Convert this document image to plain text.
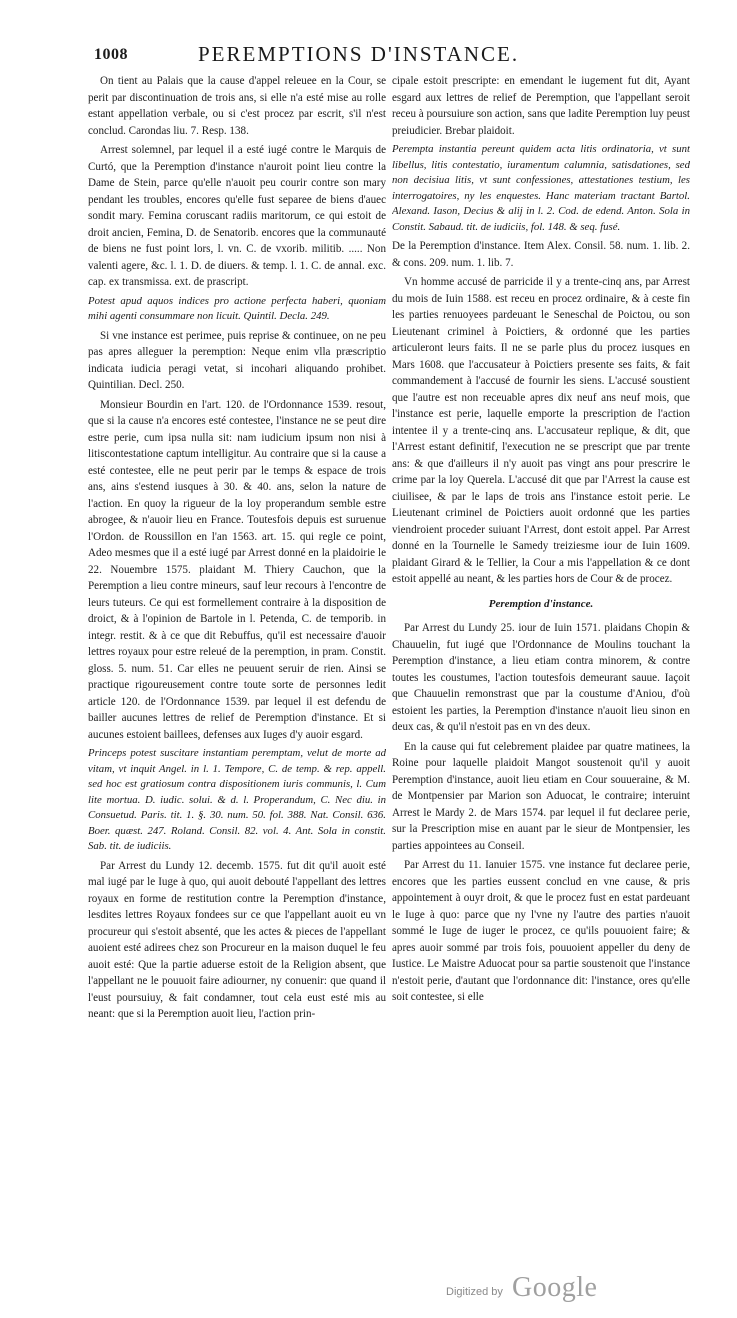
1008	PEREMPTIONS D'INSTANCE.

On tient au Palais que la cause d'appel releuee en la Cour, se perit par discontinuation de trois ans, si elle n'a esté mise au rolle estant appellation verbale, ou si c'est procez par escrit, s'il n'est conclud. Carondas liu. 7. Resp. 138.

Arrest solemnel, par lequel il a esté iugé contre le Marquis de Curtó, que la Peremption d'instance n'auroit point lieu contre la Dame de Stein, parce qu'elle n'auoit peu courir contre son mary pendant les troubles, encores qu'elle fust separee de biens d'auec sondit mary. Femina coruscant radiis maritorum, ce qui estoit de droit ancien, Femina, D. de Senatorib. encores que la communauté de biens ne fust point lors, l. vn. C. de vxorib. militib. ..... Non valenti agere, &c. l. 1. D. de diuers. & temp. l. 1. C. de annal. exc. cap. ex transmissa. ext. de prascript.

Potest apud aquos indices pro actione perfecta haberi, quoniam mihi agenti consummare non licuit. Quintil. Decla. 249.

Si vne instance est perimee, puis reprise & continuee, on ne peu pas apres alleguer la peremption: Neque enim vlla præscriptio indicata iudicia peragi vetat, si incohari aliquando prohibet. Quintilian. Decl. 250.

Monsieur Bourdin en l'art. 120. de l'Ordonnance 1539. resout, que si la cause n'a encores esté contestee, l'instance ne se peut dire estre perie, cum ipsa nulla sit: nam iudicium ipsum non nisi à litiscontestatione captum intelligitur. Au contraire que si la cause a esté contestee, elle ne peut perir par le temps & espace de trois ans, ains s'estend iusques à 30. & 40. ans, selon la nature de l'action. En quoy la rigueur de la loy properandum semble estre abrogee, & n'auoir lieu en France. Toutesfois depuis est suruenue l'Ordon. de Roussillon en l'an 1563. art. 15. qui regle ce point, Adeo mesmes que il a esté iugé par Arrest donné en la plaidoirie le 22. Nouembre 1575. plaidant M. Thiery Cauchon, que la Peremption a lieu contre mineurs, sauf leur recours à l'encontre de leurs tuteurs. Ce qui est formellement contraire à la disposition de droict, & à l'opinion de Bartole in l. Petenda, C. de temporib. in integr. restit. & à ce que dit Rebuffus, qu'il est necessaire d'auoir lettres royaux pour estre releué de la peremption, in pram. Constit. gloss. 5. num. 51. Car elles ne peuuent seruir de rien. Ainsi se practique rigoureusement contre toute sorte de personnes ledit article 120. de l'Ordonnance 1539. par lequel il est defendu de bailler aucunes lettres de relief de Peremption d'instance. Et si aucunes estoient baillees, defenses aux Iuges d'y auoir esgard.

Princeps potest suscitare instantiam peremptam, velut de morte ad vitam, vt inquit Angel. in l. 1. Tempore, C. de temp. & rep. appell. sed hoc est gratiosum contra dispositionem iuris communis, l. Cum lite mortua. D. iudic. solui. & d. l. Properandum, C. Nec diu. in Consuetud. Paris. tit. 1. §. 30. num. 50. fol. 388. Nat. Consil. 636. Boer. quæst. 247. Roland. Consil. 82. vol. 4. Ant. Sola in constit. Sab. tit. de iudiciis.

Par Arrest du Lundy 12. decemb. 1575. fut dit qu'il auoit esté mal iugé par le Iuge à quo, qui auoit debouté l'appellant des lettres royaux en forme de restitution contre la Peremption d'instance, lesdites lettres Royaux fondees sur ce que l'appellant auoit eu vn procureur qui s'estoit absenté, que les actes & pieces de l'appellant auoient esté adirees chez son Procureur en la maison duquel le feu auoit esté: Que la partie aduerse estoit de la Religion absent, que l'appellant ne le pouuoit faire adiourner, ny conuenir: que quand il l'eust poursuiuy, & fait condamner, tout cela eust esté mis au neant: que si la Peremption auoit lieu, l'action prin-

cipale estoit prescripte: en emendant le iugement fut dit, Ayant esgard aux lettres de relief de Peremption, que l'appellant seroit receu à poursuiure son action, sans que ladite Peremption luy peust preiudicier. Brebar plaidoit.

Perempta instantia pereunt quidem acta litis ordinatoria, vt sunt libellus, litis contestatio, iuramentum calumnia, satisdationes, sed non decisiua litis, vt sunt confessiones, attestationes testium, les interrogatoires, ny les enquestes. Hanc materiam tractant Bartol. Alexand. Iason, Decius & alij in l. 2. Cod. de edend. Anton. Sola in Constit. Sabaud. tit. de iudiciis, fol. 148. & seq. fusé.

De la Peremption d'instance. Item Alex. Consil. 58. num. 1. lib. 2. & cons. 209. num. 1. lib. 7.

Vn homme accusé de parricide il y a trente-cinq ans, par Arrest du mois de Iuin 1588. est receu en procez ordinaire, & à ceste fin les parties renuoyees pardeuant le Seneschal de Poictou, ou son Lieutenant criminel à Poictiers, & ordonné que les parties articuleront leurs faits. Il ne se parle plus du procez iusques en Mars 1608. que l'accusateur à Poictiers presente ses faits, & fait commandement à l'accusé de fournir les siens. L'accusé soustient que l'autre est non receuable apres dix neuf ans neuf mois, que l'instance est perie, laquelle emporte la prescription de l'action intentee il y a trente-cinq ans. L'accusateur replique, & dit, que l'Arrest estant definitif, l'execution ne se prescript que par trente ans: & que d'ailleurs il n'y auoit pas vingt ans pour prescrire le crime par la loy Querela. L'accusé dit que par l'Arrest la cause est ciuilisee, & par le laps de trois ans l'instance estoit perie. Le Lieutenant criminel de Poictiers auoit ordonné que les parties viendroient proceder suiuant l'Arrest, dont estoit appel. Par Arrest donné en la Tournelle le Samedy treiziesme iour de Iuin 1609. plaidant Girard & le Tellier, la Cour a mis l'appellation & ce dont estoit appellé au neant, & les parties hors de Cour & de procez.

Peremption d'instance.

Par Arrest du Lundy 25. iour de Iuin 1571. plaidans Chopin & Chauuelin, fut iugé que l'Ordonnance de Moulins touchant la Peremption d'instance, a lieu etiam contra minorem, & contre toutes les coustumes, l'action toutesfois demeurant sauue. Iaçoit que Chauuelin remonstrast que par la coustume d'Aniou, d'où estoient les parties, la Peremption d'instance n'auoit lieu sinon en deux cas, & qu'il n'estoit pas en vn des deux.

En la cause qui fut celebrement plaidee par quatre matinees, la Roine pour laquelle plaidoit Mangot soustenoit qu'il y auoit Peremption d'instance, auoit lieu etiam en Cour souueraine, & M. de Montpensier par Marion son Aduocat, le contraire; interuint Arrest le Mardy 2. de Mars 1574. par lequel il fut declaree perie, sur la Prescription mise en auant par le sieur de Montpensier, les parties appointees au Conseil.

Par Arrest du 11. Ianuier 1575. vne instance fut declaree perie, encores que les parties eussent conclud en vne cause, & pris appointement à ouyr droit, & que le procez fust en estat pardeuant le Iuge à quo: parce que ny l'vne ny l'autre des parties n'auoit sommé le Iuge de iuger le procez, ce qu'ils pouuoient faire; & apres auoir sommé par trois fois, pouuoient appeller du deny de Iustice. Le Maistre Aduocat pour sa partie soustenoit que l'instance n'estoit perie, d'autant que l'ordonnance dit: l'instance, ores qu'elle soit contestee, si elle

Digitized by Google
